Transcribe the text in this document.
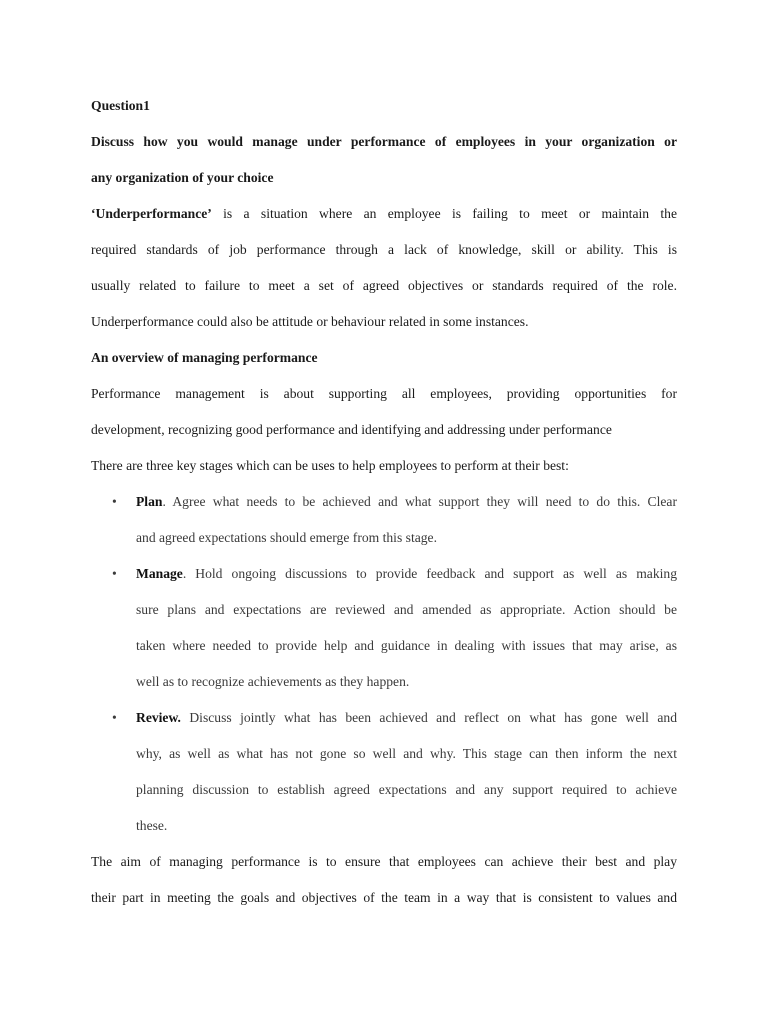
Question1

Discuss how you would manage under performance of employees in your organization or

any organization of your choice

‘Underperformance’ is a situation where an employee is failing to meet or maintain the

required standards of job performance through a lack of knowledge, skill or ability. This is

usually related to failure to meet a set of agreed objectives or standards required of the role.

Underperformance could also be attitude or behaviour related in some instances.

An overview of managing performance

Performance management is about supporting all employees, providing opportunities for

development, recognizing good performance and identifying and addressing under performance

There are three key stages which can be uses to help employees to perform at their best:

• Plan. Agree what needs to be achieved and what support they will need to do this. Clear

and agreed expectations should emerge from this stage.

• Manage. Hold ongoing discussions to provide feedback and support as well as making

sure plans and expectations are reviewed and amended as appropriate. Action should be

taken where needed to provide help and guidance in dealing with issues that may arise, as

well as to recognize achievements as they happen.

• Review. Discuss jointly what has been achieved and reflect on what has gone well and

why, as well as what has not gone so well and why. This stage can then inform the next

planning discussion to establish agreed expectations and any support required to achieve

these.

The aim of managing performance is to ensure that employees can achieve their best and play

their part in meeting the goals and objectives of the team in a way that is consistent to values and
